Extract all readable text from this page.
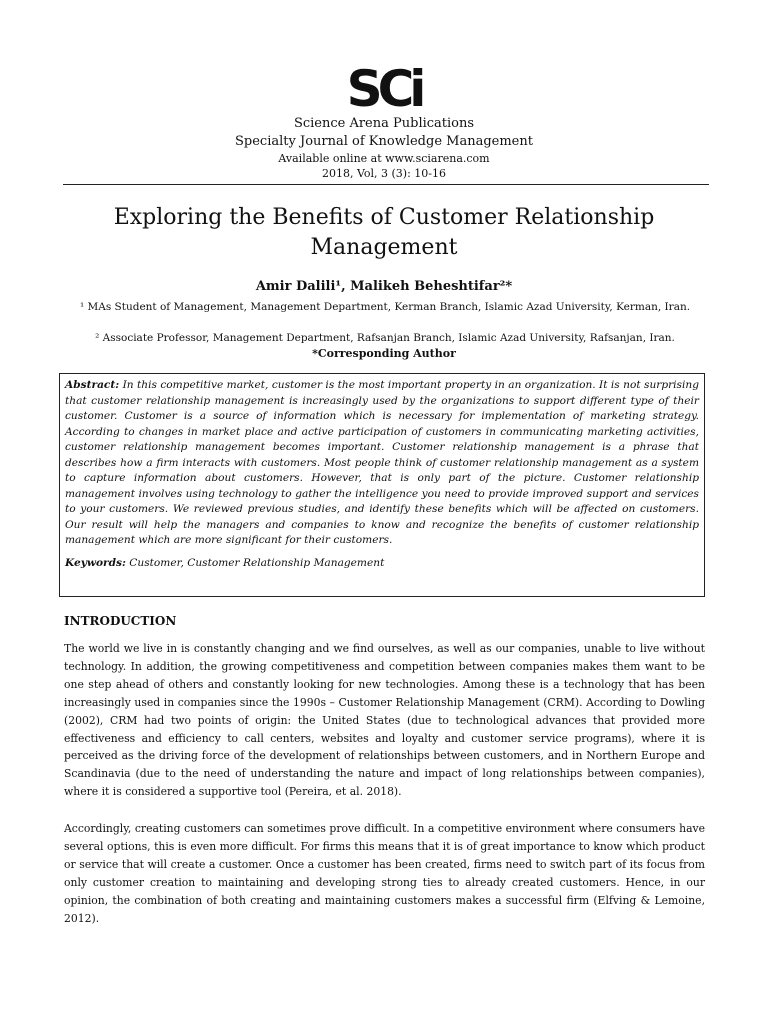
SCi
Science Arena Publications
Specialty Journal of Knowledge Management
Available online at www.sciarena.com
2018, Vol, 3 (3): 10-16
Exploring the Benefits of Customer Relationship Management
Amir Dalili¹, Malikeh Beheshtifar²*
¹ MAs Student of Management, Management Department, Kerman Branch, Islamic Azad University, Kerman, Iran.
² Associate Professor, Management Department, Rafsanjan Branch, Islamic Azad University, Rafsanjan, Iran.
*Corresponding Author
Abstract: In this competitive market, customer is the most important property in an organization. It is not surprising that customer relationship management is increasingly used by the organizations to support different type of their customer. Customer is a source of information which is necessary for implementation of marketing strategy. According to changes in market place and active participation of customers in communicating marketing activities, customer relationship management becomes important. Customer relationship management is a phrase that describes how a firm interacts with customers. Most people think of customer relationship management as a system to capture information about customers. However, that is only part of the picture. Customer relationship management involves using technology to gather the intelligence you need to provide improved support and services to your customers. We reviewed previous studies, and identify these benefits which will be affected on customers. Our result will help the managers and companies to know and recognize the benefits of customer relationship management which are more significant for their customers.
Keywords: Customer, Customer Relationship Management
INTRODUCTION
The world we live in is constantly changing and we find ourselves, as well as our companies, unable to live without technology. In addition, the growing competitiveness and competition between companies makes them want to be one step ahead of others and constantly looking for new technologies. Among these is a technology that has been increasingly used in companies since the 1990s – Customer Relationship Management (CRM). According to Dowling (2002), CRM had two points of origin: the United States (due to technological advances that provided more effectiveness and efficiency to call centers, websites and loyalty and customer service programs), where it is perceived as the driving force of the development of relationships between customers, and in Northern Europe and Scandinavia (due to the need of understanding the nature and impact of long relationships between companies), where it is considered a supportive tool (Pereira, et al. 2018).
Accordingly, creating customers can sometimes prove difficult. In a competitive environment where consumers have several options, this is even more difficult. For firms this means that it is of great importance to know which product or service that will create a customer. Once a customer has been created, firms need to switch part of its focus from only customer creation to maintaining and developing strong ties to already created customers. Hence, in our opinion, the combination of both creating and maintaining customers makes a successful firm (Elfving & Lemoine, 2012).
